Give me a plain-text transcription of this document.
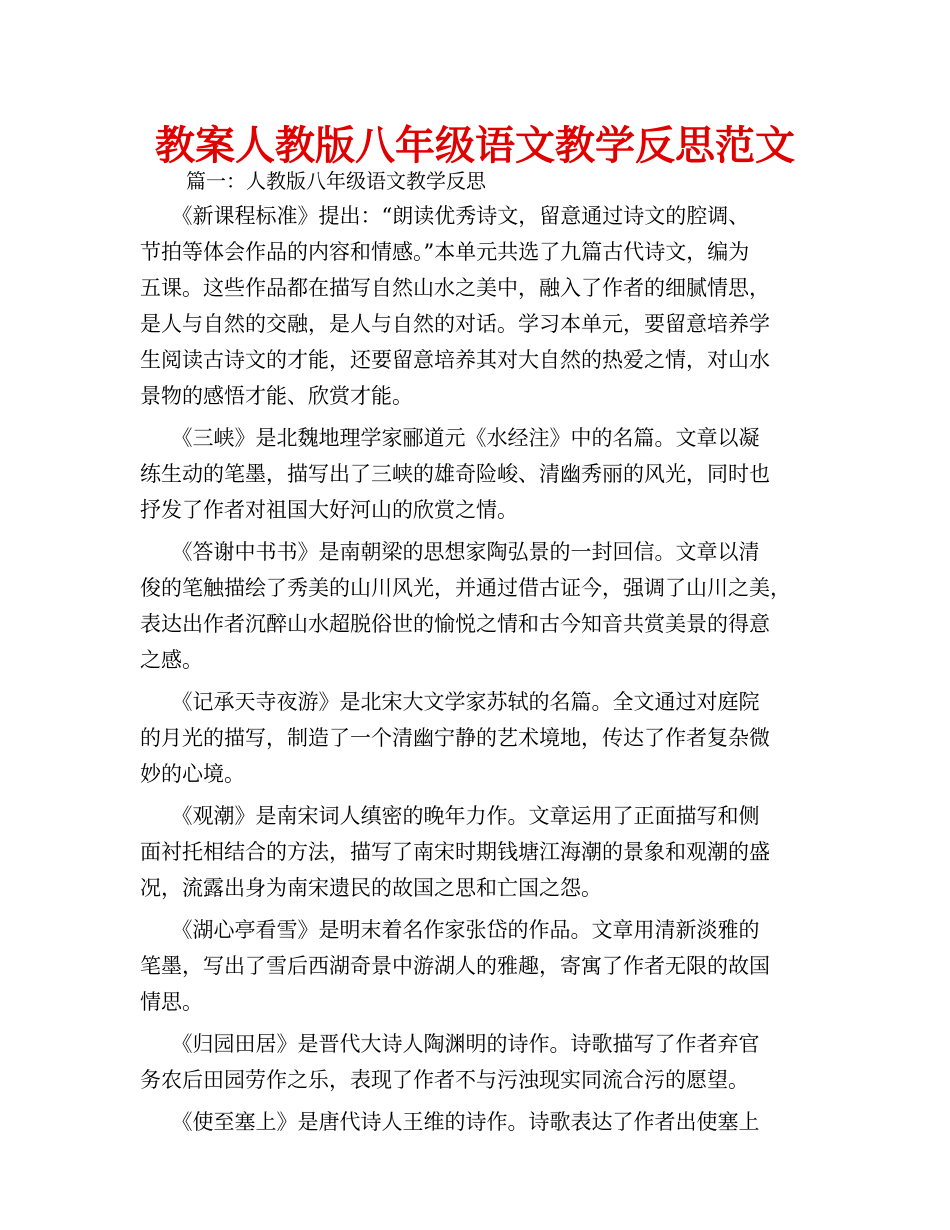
教案人教版八年级语文教学反思范文

篇一：人教版八年级语文教学反思

　　《新课程标准》提出：“朗读优秀诗文，留意通过诗文的腔调、
节拍等体会作品的内容和情感。”本单元共选了九篇古代诗文，编为
五课。这些作品都在描写自然山水之美中，融入了作者的细腻情思，
是人与自然的交融，是人与自然的对话。学习本单元，要留意培养学
生阅读古诗文的才能，还要留意培养其对大自然的热爱之情，对山水
景物的感悟才能、欣赏才能。
　　《三峡》是北魏地理学家郦道元《水经注》中的名篇。文章以凝
练生动的笔墨，描写出了三峡的雄奇险峻、清幽秀丽的风光，同时也
抒发了作者对祖国大好河山的欣赏之情。
　　《答谢中书书》是南朝梁的思想家陶弘景的一封回信。文章以清
俊的笔触描绘了秀美的山川风光，并通过借古证今，强调了山川之美，
表达出作者沉醉山水超脱俗世的愉悦之情和古今知音共赏美景的得意
之感。
　　《记承天寺夜游》是北宋大文学家苏轼的名篇。全文通过对庭院
的月光的描写，制造了一个清幽宁静的艺术境地，传达了作者复杂微
妙的心境。
　　《观潮》是南宋词人缜密的晚年力作。文章运用了正面描写和侧
面衬托相结合的方法，描写了南宋时期钱塘江海潮的景象和观潮的盛
况，流露出身为南宋遗民的故国之思和亡国之怨。
　　《湖心亭看雪》是明末着名作家张岱的作品。文章用清新淡雅的
笔墨，写出了雪后西湖奇景中游湖人的雅趣，寄寓了作者无限的故国
情思。
　　《归园田居》是晋代大诗人陶渊明的诗作。诗歌描写了作者弃官
务农后田园劳作之乐，表现了作者不与污浊现实同流合污的愿望。
　　《使至塞上》是唐代诗人王维的诗作。诗歌表达了作者出使塞上
